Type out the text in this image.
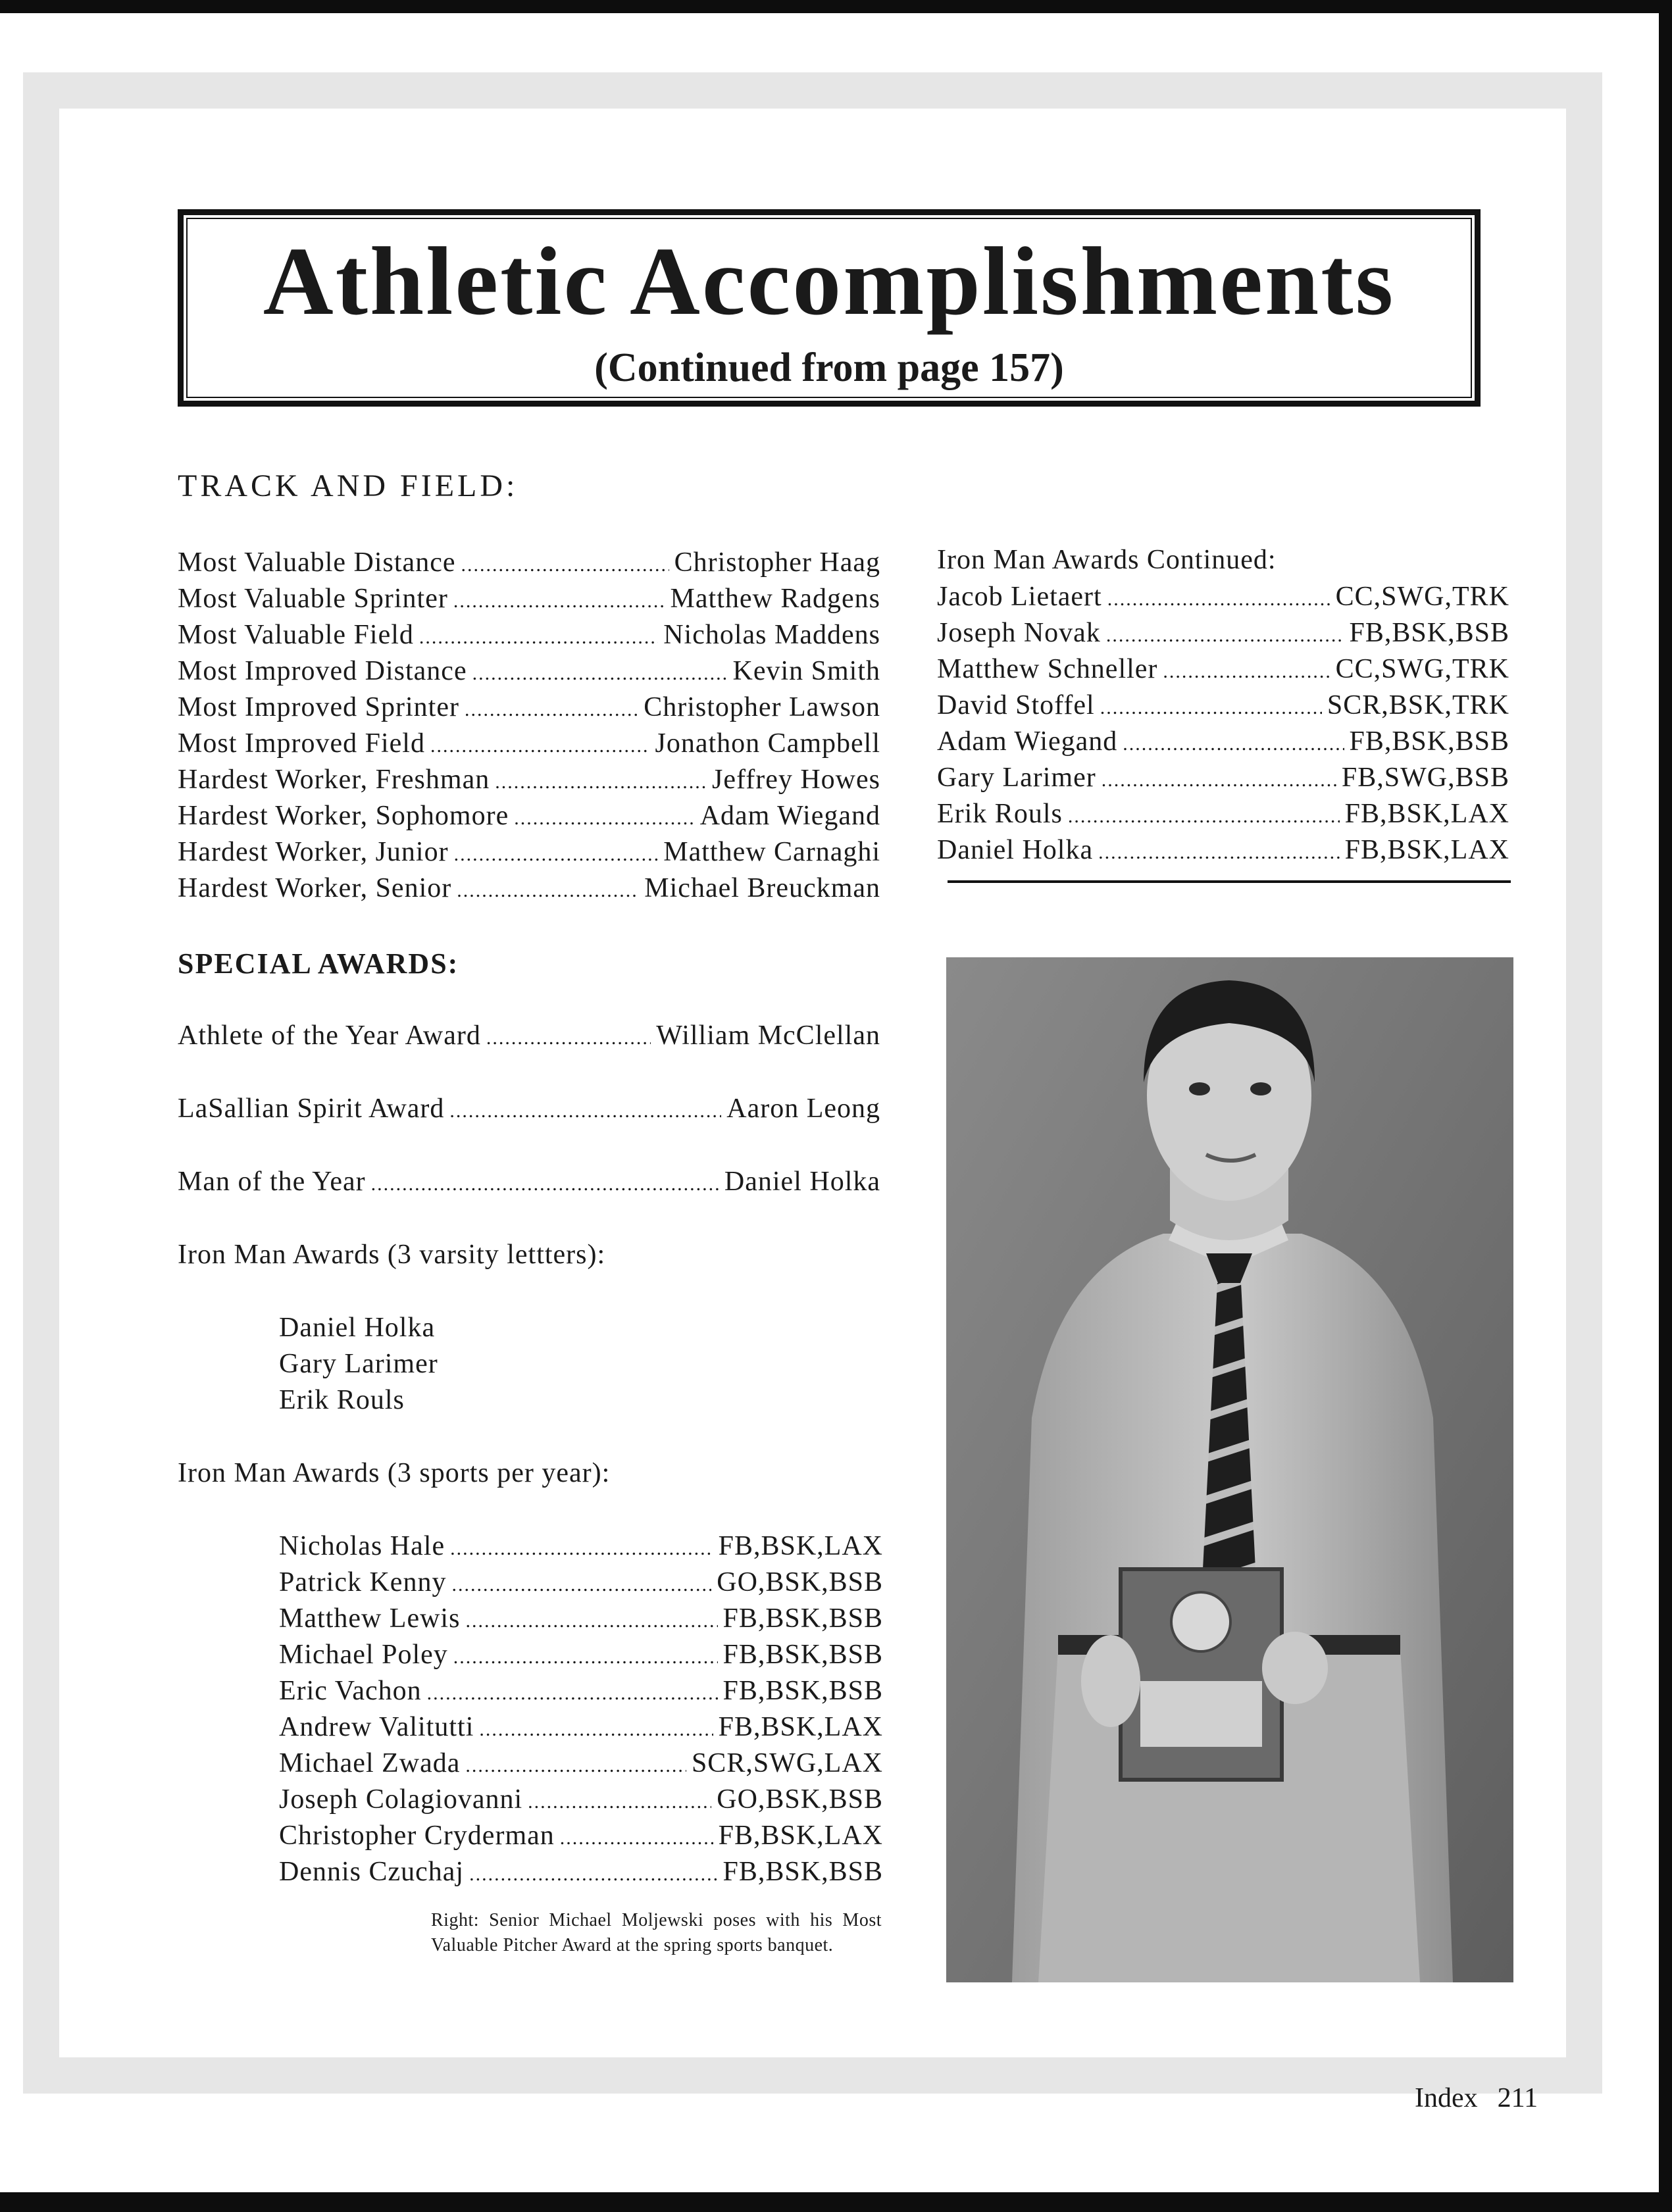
Athletic Accomplishments
(Continued from page 157)
TRACK AND FIELD:
Most Valuable Distance .....	Christopher Haag
Most Valuable Sprinter .....	Matthew Radgens
Most Valuable Field .....	Nicholas Maddens
Most Improved Distance .....	Kevin Smith
Most Improved Sprinter .....	Christopher Lawson
Most Improved Field .....	Jonathon Campbell
Hardest Worker, Freshman .....	Jeffrey Howes
Hardest Worker, Sophomore .....	Adam Wiegand
Hardest Worker, Junior .....	Matthew Carnaghi
Hardest Worker, Senior .....	Michael Breuckman
Iron Man Awards Continued:
Jacob Lietaert .....	CC,SWG,TRK
Joseph Novak .....	FB,BSK,BSB
Matthew Schneller .....	CC,SWG,TRK
David Stoffel .....	SCR,BSK,TRK
Adam Wiegand .....	FB,BSK,BSB
Gary Larimer .....	FB,SWG,BSB
Erik Rouls .....	FB,BSK,LAX
Daniel Holka .....	FB,BSK,LAX
SPECIAL AWARDS:
Athlete of the Year Award .....	William McClellan
LaSallian Spirit Award .....	Aaron Leong
Man of the Year .....	Daniel Holka
Iron Man Awards (3 varsity lettters):
Daniel Holka
Gary Larimer
Erik Rouls
Iron Man Awards (3 sports per year):
Nicholas Hale .....	FB,BSK,LAX
Patrick Kenny .....	GO,BSK,BSB
Matthew Lewis .....	FB,BSK,BSB
Michael Poley .....	FB,BSK,BSB
Eric Vachon .....	FB,BSK,BSB
Andrew Valitutti .....	FB,BSK,LAX
Michael Zwada .....	SCR,SWG,LAX
Joseph Colagiovanni .....	GO,BSK,BSB
Christopher Cryderman .....	FB,BSK,LAX
Dennis Czuchaj .....	FB,BSK,BSB
Right: Senior Michael Moljewski poses with his Most Valuable Pitcher Award at the spring sports banquet.
Index 211
